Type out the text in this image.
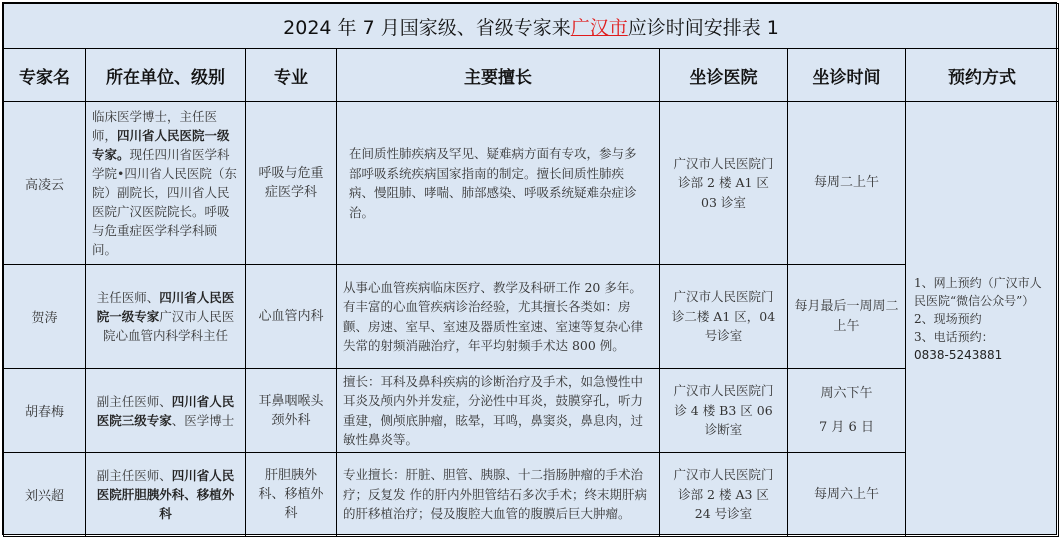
2024 年 7 月国家级、省级专家来广汉市应诊时间安排表 1						
专家名	所在单位、级别	专业	主要擅长	坐诊医院	坐诊时间	预约方式
高凌云	临床医学博士，主任医师，四川省人民医院一级专家。现任四川省医学科学院•四川省人民医院（东院）副院长，四川省人民医院广汉医院院长。呼吸与危重症医学科学科顾问。	呼吸与危重症医学科	在间质性肺疾病及罕见、疑难病方面有专攻，参与多部呼吸系统疾病国家指南的制定。擅长间质性肺疾病、慢阻肺、哮喘、肺部感染、呼吸系统疑难杂症诊治。	广汉市人民医院门诊部 2 楼 A1 区 03 诊室	每周二上午	1、网上预约（广汉市人民医院“微信公众号”）
2、现场预约
3、电话预约：
0838-5243881

贺涛	主任医师、四川省人民医院一级专家广汉市人民医院心血管内科学科主任	心血管内科	从事心血管疾病临床医疗、教学及科研工作 20 多年。有丰富的心血管疾病诊治经验，尤其擅长各类如：房颤、房速、室早、室速及器质性室速、室速等复杂心律失常的射频消融治疗，年平均射频手术达 800 例。	广汉市人民医院门诊二楼 A1 区，04 号诊室	每月最后一周周二上午	
胡春梅	副主任医师、四川省人民医院三级专家、医学博士	耳鼻咽喉头颈外科	擅长：耳科及鼻科疾病的诊断治疗及手术，如急慢性中耳炎及颅内外并发症，分泌性中耳炎，鼓膜穿孔，听力重建，侧颅底肿瘤，眩晕，耳鸣，鼻窦炎，鼻息肉，过敏性鼻炎等。	广汉市人民医院门诊 4 楼 B3 区 06 诊断室	周六下午
7 月 6 日	

刘兴超	副主任医师、四川省人民医院肝胆胰外科、移植外科	肝胆胰外科、移植外科	专业擅长：肝脏、胆管、胰腺、十二指肠肿瘤的手术治疗；反复发 作的肝内外胆管结石多次手术；终末期肝病的肝移植治疗；侵及腹腔大血管的腹膜后巨大肿瘤。	广汉市人民医院门诊部 2 楼 A3 区 24 号诊室	每周六上午	
